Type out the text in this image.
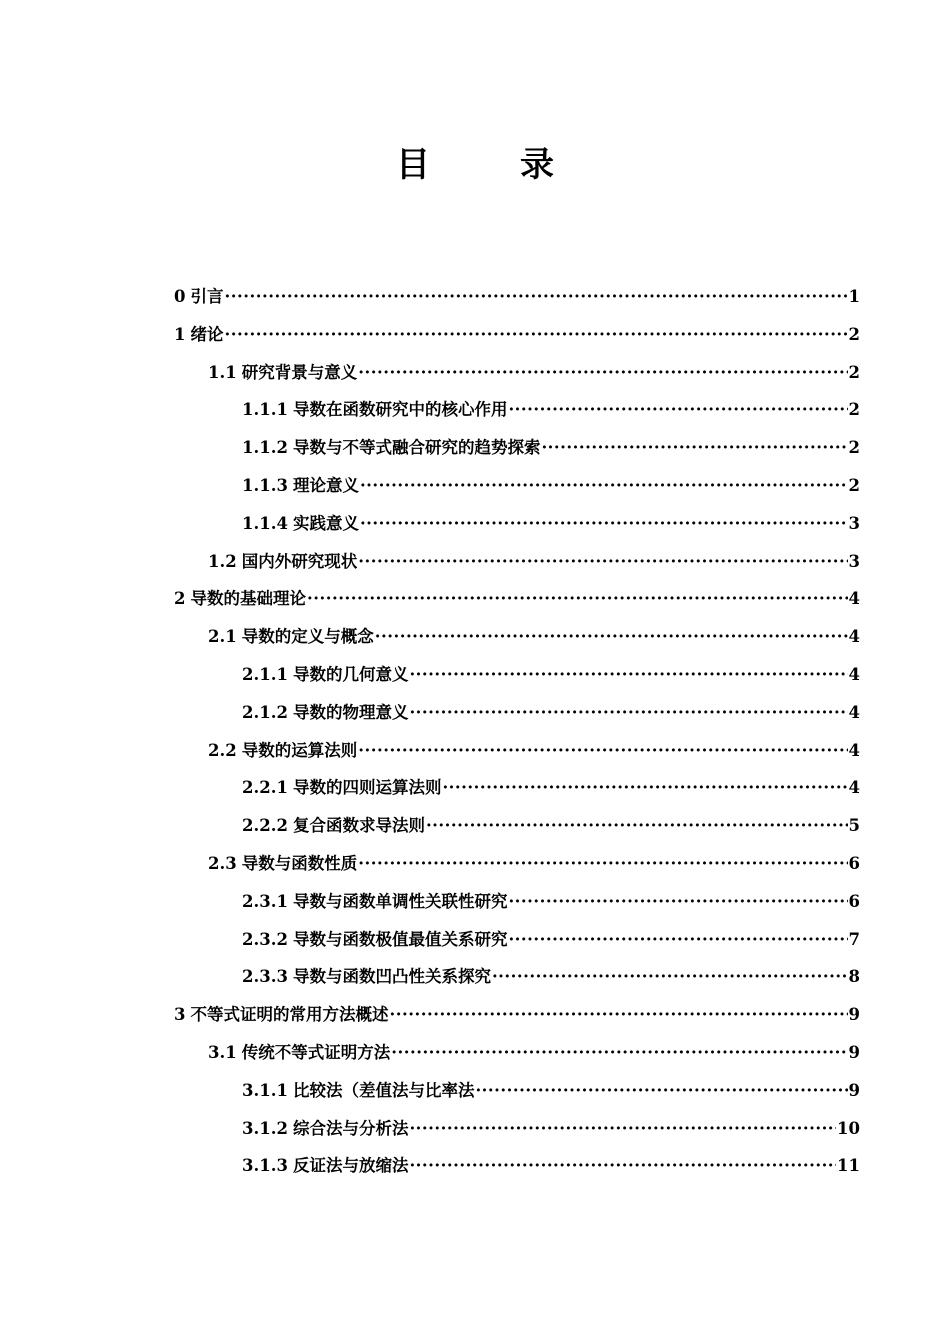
目　录
0 引言 ·····	1
1 绪论 ·····	2
1.1 研究背景与意义 ·····	2
1.1.1 导数在函数研究中的核心作用 ·····	2
1.1.2 导数与不等式融合研究的趋势探索 ·····	2
1.1.3 理论意义 ·····	2
1.1.4 实践意义 ·····	3
1.2 国内外研究现状 ·····	3
2 导数的基础理论 ·····	4
2.1 导数的定义与概念 ·····	4
2.1.1 导数的几何意义 ·····	4
2.1.2 导数的物理意义 ·····	4
2.2 导数的运算法则 ·····	4
2.2.1 导数的四则运算法则 ·····	4
2.2.2 复合函数求导法则 ·····	5
2.3 导数与函数性质 ·····	6
2.3.1 导数与函数单调性关联性研究 ·····	6
2.3.2 导数与函数极值最值关系研究 ·····	7
2.3.3 导数与函数凹凸性关系探究 ·····	8
3 不等式证明的常用方法概述 ·····	9
3.1 传统不等式证明方法 ·····	9
3.1.1 比较法（差值法与比率法 ·····	9
3.1.2 综合法与分析法 ·····	10
3.1.3 反证法与放缩法 ·····	11
